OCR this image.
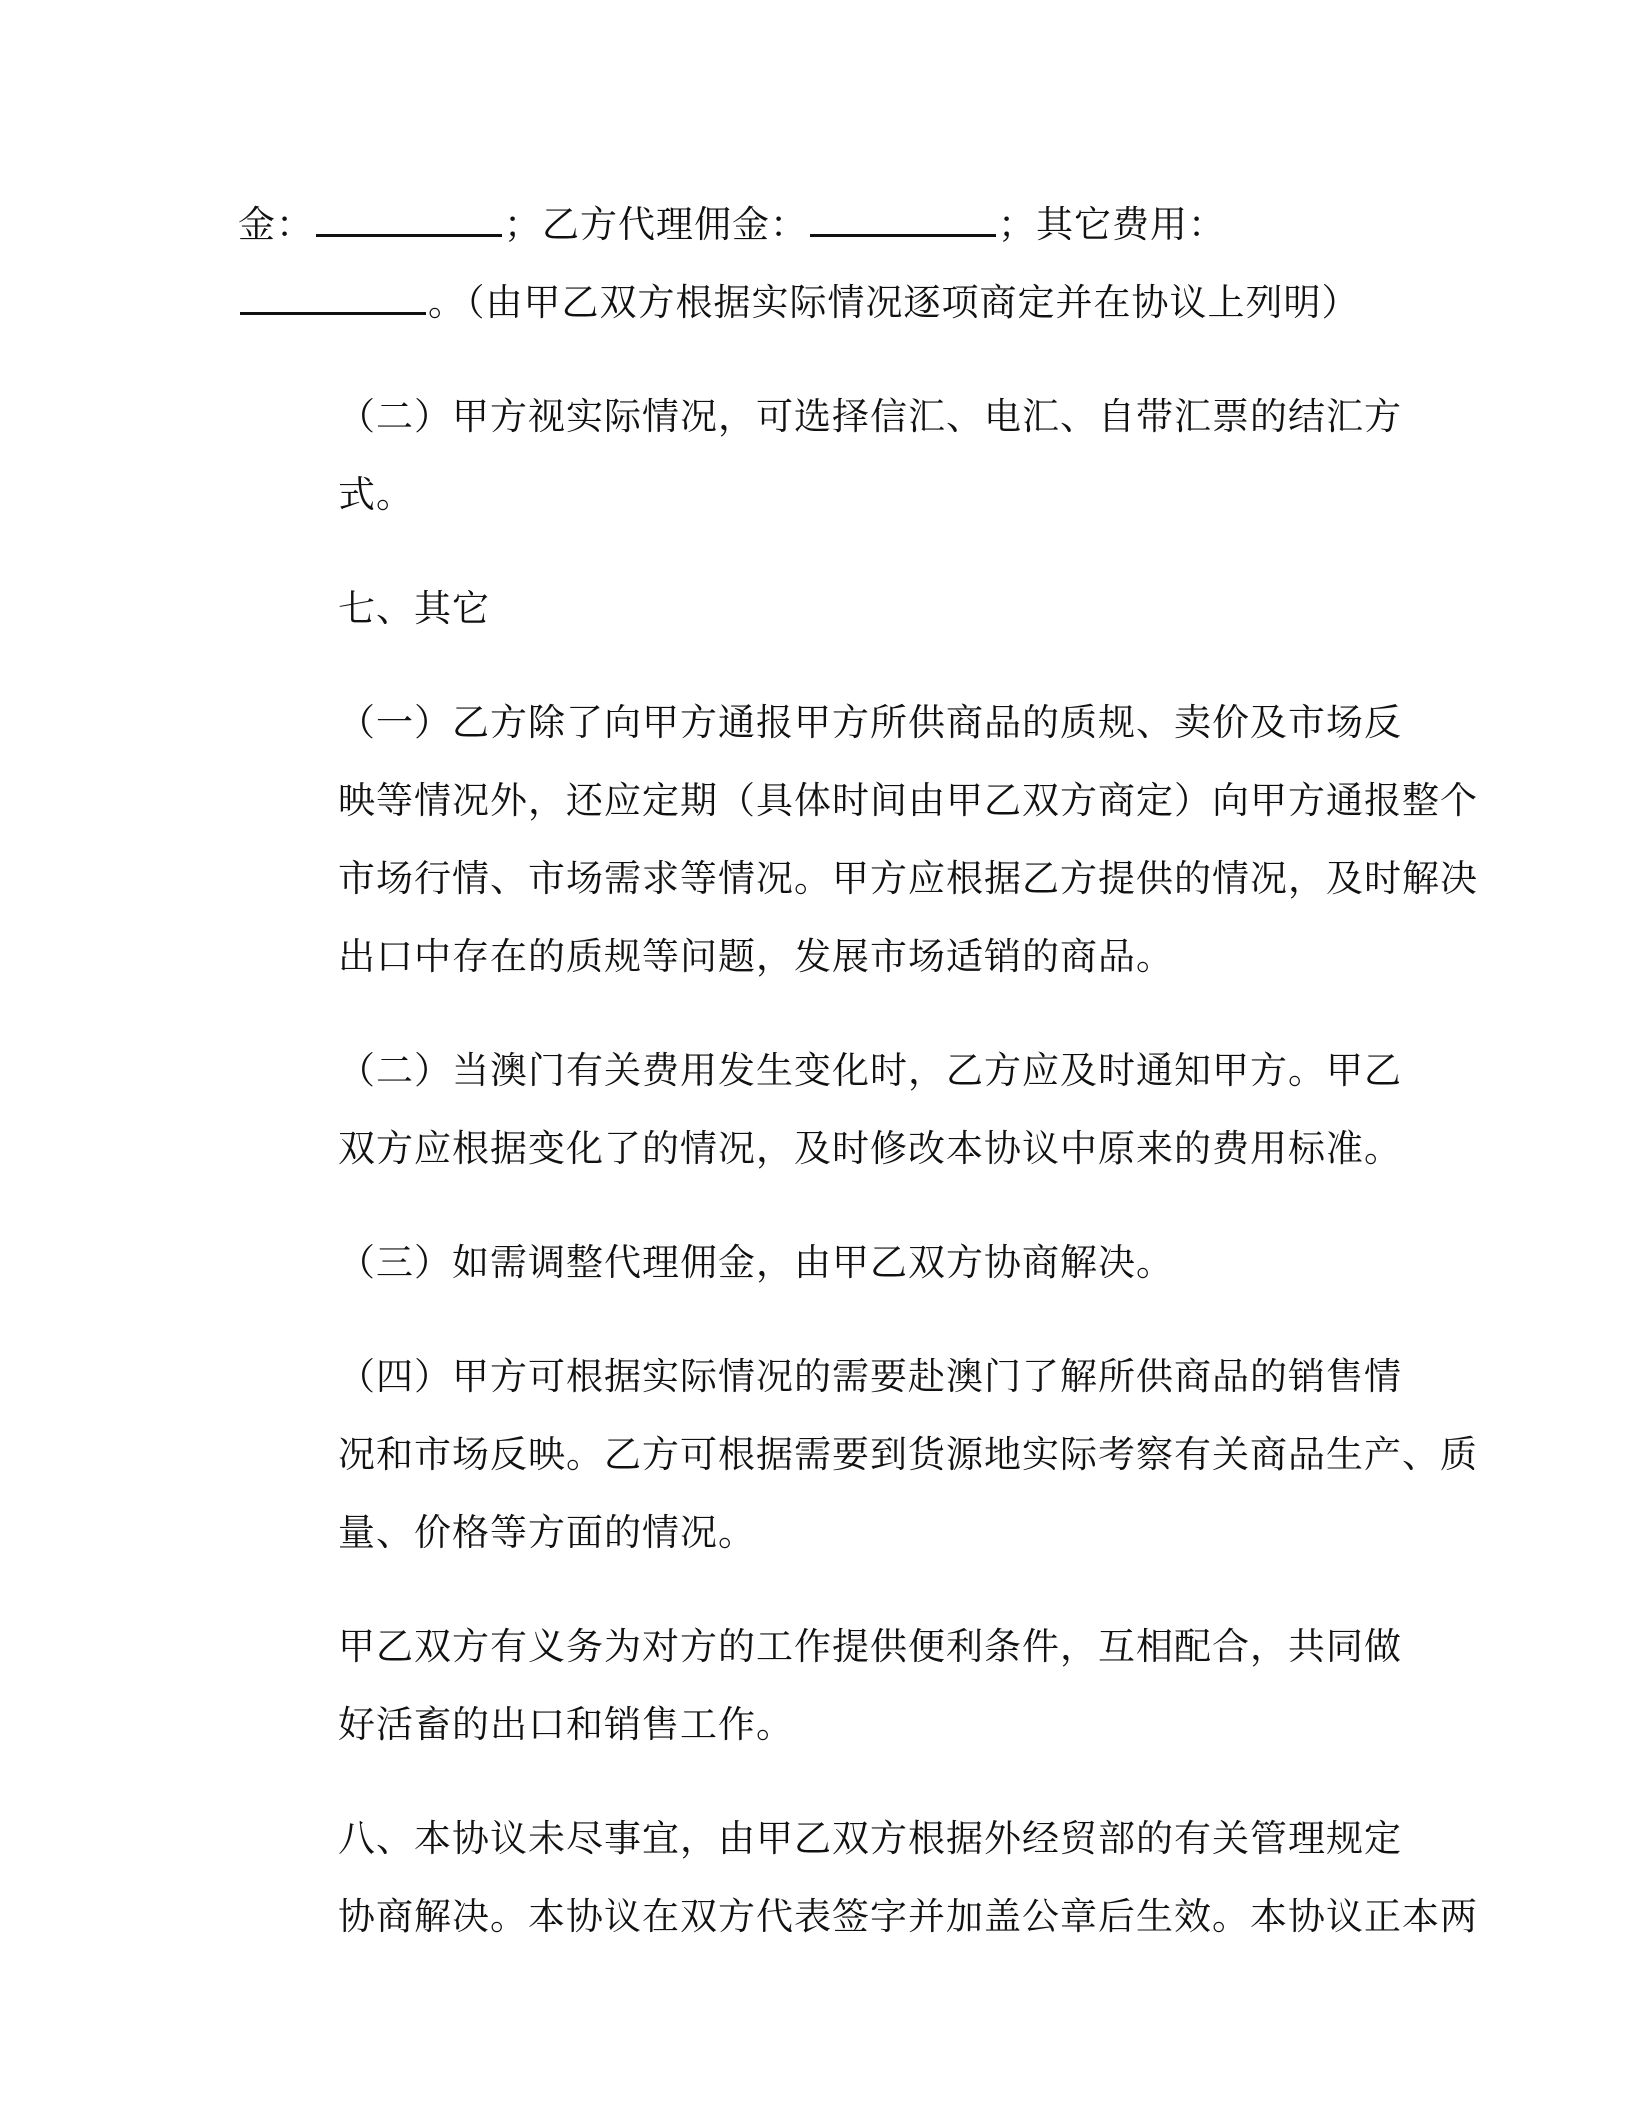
金：	；乙方代理佣金：	；其它费用：
。（由甲乙双方根据实际情况逐项商定并在协议上列明）

（二）甲方视实际情况，可选择信汇、电汇、自带汇票的结汇方
式。

七、其它

（一）乙方除了向甲方通报甲方所供商品的质规、卖价及市场反
映等情况外，还应定期（具体时间由甲乙双方商定）向甲方通报整个
市场行情、市场需求等情况。甲方应根据乙方提供的情况，及时解决
出口中存在的质规等问题，发展市场适销的商品。

（二）当澳门有关费用发生变化时，乙方应及时通知甲方。甲乙
双方应根据变化了的情况，及时修改本协议中原来的费用标准。

（三）如需调整代理佣金，由甲乙双方协商解决。

（四）甲方可根据实际情况的需要赴澳门了解所供商品的销售情
况和市场反映。乙方可根据需要到货源地实际考察有关商品生产、质
量、价格等方面的情况。

甲乙双方有义务为对方的工作提供便利条件，互相配合，共同做
好活畜的出口和销售工作。

八、本协议未尽事宜，由甲乙双方根据外经贸部的有关管理规定
协商解决。本协议在双方代表签字并加盖公章后生效。本协议正本两
